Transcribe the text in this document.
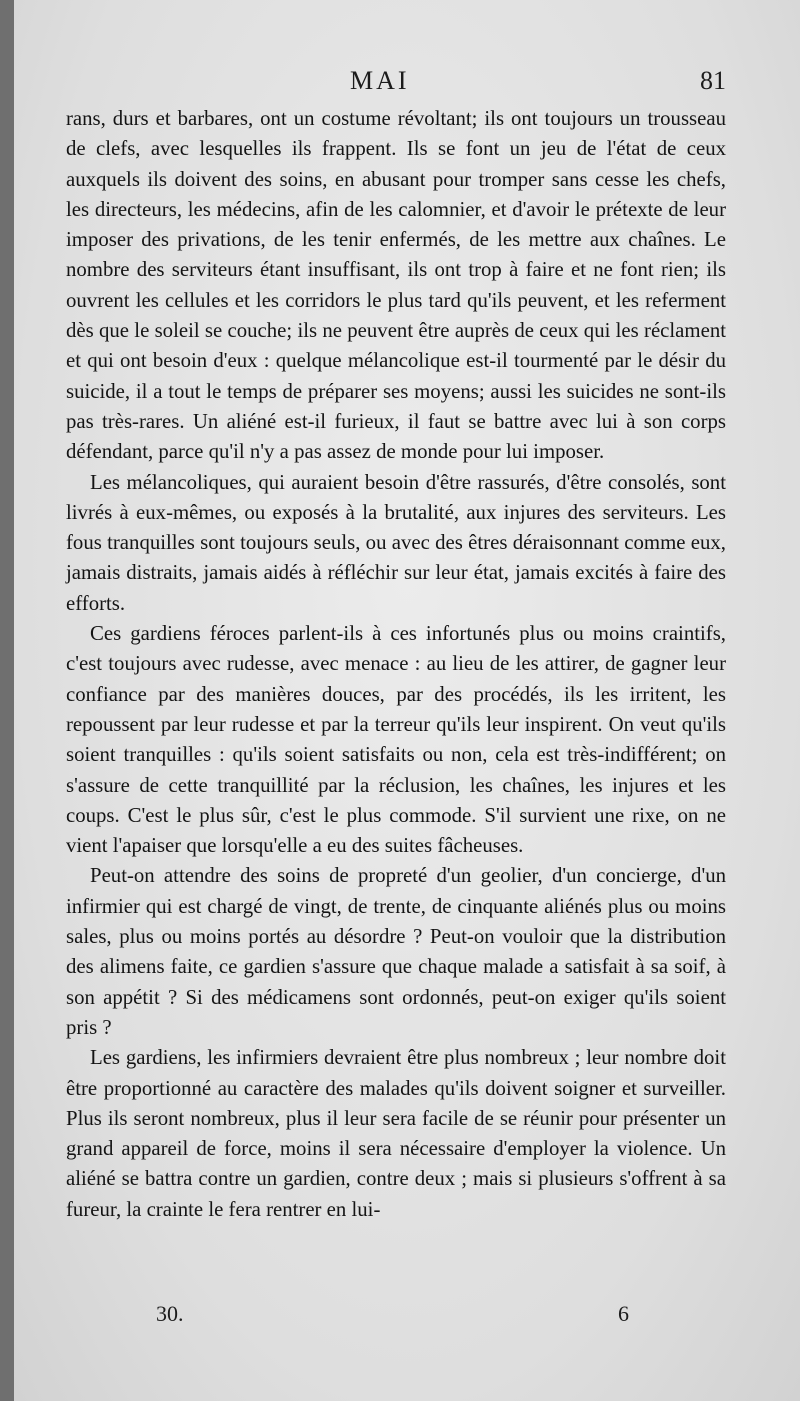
MAI	81

rans, durs et barbares, ont un costume révoltant; ils ont toujours un trousseau de clefs, avec lesquelles ils frappent. Ils se font un jeu de l'état de ceux auxquels ils doivent des soins, en abusant pour tromper sans cesse les chefs, les directeurs, les médecins, afin de les calomnier, et d'avoir le prétexte de leur imposer des privations, de les tenir enfermés, de les mettre aux chaînes. Le nombre des serviteurs étant insuffisant, ils ont trop à faire et ne font rien; ils ouvrent les cellules et les corridors le plus tard qu'ils peuvent, et les referment dès que le soleil se couche; ils ne peuvent être auprès de ceux qui les réclament et qui ont besoin d'eux : quelque mélancolique est-il tourmenté par le désir du suicide, il a tout le temps de préparer ses moyens; aussi les suicides ne sont-ils pas très-rares. Un aliéné est-il furieux, il faut se battre avec lui à son corps défendant, parce qu'il n'y a pas assez de monde pour lui imposer.

Les mélancoliques, qui auraient besoin d'être rassurés, d'être consolés, sont livrés à eux-mêmes, ou exposés à la brutalité, aux injures des serviteurs. Les fous tranquilles sont toujours seuls, ou avec des êtres déraisonnant comme eux, jamais distraits, jamais aidés à réfléchir sur leur état, jamais excités à faire des efforts.

Ces gardiens féroces parlent-ils à ces infortunés plus ou moins craintifs, c'est toujours avec rudesse, avec menace : au lieu de les attirer, de gagner leur confiance par des manières douces, par des procédés, ils les irritent, les repoussent par leur rudesse et par la terreur qu'ils leur inspirent. On veut qu'ils soient tranquilles : qu'ils soient satisfaits ou non, cela est très-indifférent; on s'assure de cette tranquillité par la réclusion, les chaînes, les injures et les coups. C'est le plus sûr, c'est le plus commode. S'il survient une rixe, on ne vient l'apaiser que lorsqu'elle a eu des suites fâcheuses.

Peut-on attendre des soins de propreté d'un geolier, d'un concierge, d'un infirmier qui est chargé de vingt, de trente, de cinquante aliénés plus ou moins sales, plus ou moins portés au désordre ? Peut-on vouloir que la distribution des alimens faite, ce gardien s'assure que chaque malade a satisfait à sa soif, à son appétit ? Si des médicamens sont ordonnés, peut-on exiger qu'ils soient pris ?

Les gardiens, les infirmiers devraient être plus nombreux ; leur nombre doit être proportionné au caractère des malades qu'ils doivent soigner et surveiller. Plus ils seront nombreux, plus il leur sera facile de se réunir pour présenter un grand appareil de force, moins il sera nécessaire d'employer la violence. Un aliéné se battra contre un gardien, contre deux ; mais si plusieurs s'offrent à sa fureur, la crainte le fera rentrer en lui-

30.	6
